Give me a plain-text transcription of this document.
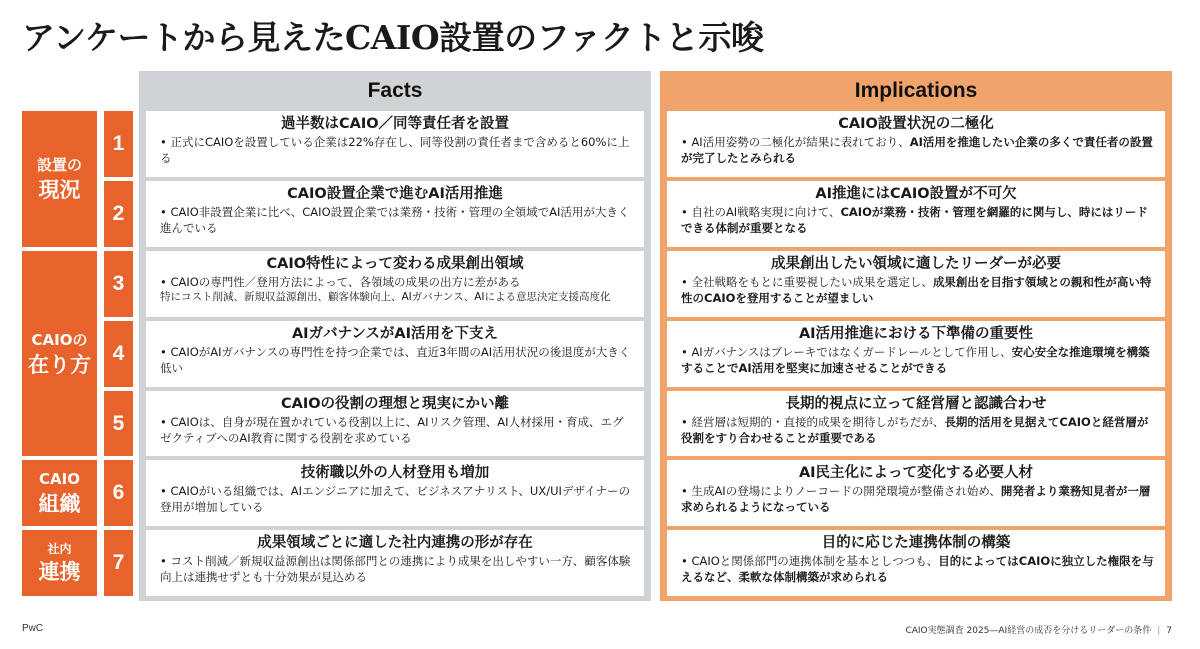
アンケートから見えたCAIO設置のファクトと示唆
設置の
現況
CAIOの
在り方
CAIO
組織
社内
連携
1
2
3
4
5
6
7
Facts
過半数はCAIO／同等責任者を設置
• 正式にCAIOを設置している企業は22%存在し、同等役割の責任者まで含めると60%に上る
CAIO設置企業で進むAI活用推進
• CAIO非設置企業に比べ、CAIO設置企業では業務・技術・管理の全領域でAI活用が大きく進んでいる
CAIO特性によって変わる成果創出領域
• CAIOの専門性／登用方法によって、各領域の成果の出方に差がある
特にコスト削減、新規収益源創出、顧客体験向上、AIガバナンス、AIによる意思決定支援高度化
AIガバナンスがAI活用を下支え
• CAIOがAIガバナンスの専門性を持つ企業では、直近3年間のAI活用状況の後退度が大きく低い
CAIOの役割の理想と現実にかい離
• CAIOは、自身が現在置かれている役割以上に、AIリスク管理、AI人材採用・育成、エグゼクティブへのAI教育に関する役割を求めている
技術職以外の人材登用も増加
• CAIOがいる組織では、AIエンジニアに加えて、ビジネスアナリスト、UX/UIデザイナーの登用が増加している
成果領域ごとに適した社内連携の形が存在
• コスト削減／新規収益源創出は関係部門との連携により成果を出しやすい一方、顧客体験向上は連携せずとも十分効果が見込める
Implications
CAIO設置状況の二極化
• AI活用姿勢の二極化が結果に表れており、AI活用を推進したい企業の多くで責任者の設置が完了したとみられる
AI推進にはCAIO設置が不可欠
• 自社のAI戦略実現に向けて、CAIOが業務・技術・管理を網羅的に関与し、時にはリードできる体制が重要となる
成果創出したい領域に適したリーダーが必要
• 全社戦略をもとに重要視したい成果を選定し、成果創出を目指す領域との親和性が高い特性のCAIOを登用することが望ましい
AI活用推進における下準備の重要性
• AIガバナンスはブレーキではなくガードレールとして作用し、安心安全な推進環境を構築することでAI活用を堅実に加速させることができる
長期的視点に立って経営層と認識合わせ
• 経営層は短期的・直接的成果を期待しがちだが、長期的活用を見据えてCAIOと経営層が役割をすり合わせることが重要である
AI民主化によって変化する必要人材
• 生成AIの登場によりノーコードの開発環境が整備され始め、開発者より業務知見者が一層求められるようになっている
目的に応じた連携体制の構築
• CAIOと関係部門の連携体制を基本としつつも、目的によってはCAIOに独立した権限を与えるなど、柔軟な体制構築が求められる
PwC	CAIO実態調査 2025―AI経営の成否を分けるリーダーの条件 | 7
